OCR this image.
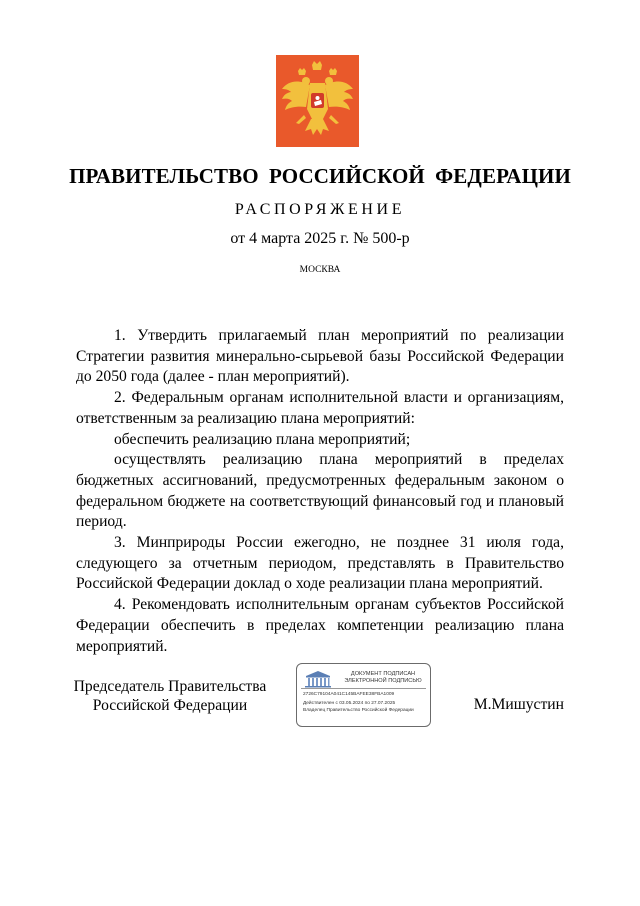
ПРАВИТЕЛЬСТВО РОССИЙСКОЙ ФЕДЕРАЦИИ
РАСПОРЯЖЕНИЕ
от 4 марта 2025 г. № 500-р
МОСКВА

1. Утвердить прилагаемый план мероприятий по реализации Стратегии развития минерально-сырьевой базы Российской Федерации до 2050 года (далее - план мероприятий).

2. Федеральным органам исполнительной власти и организациям, ответственным за реализацию плана мероприятий:

обеспечить реализацию плана мероприятий;

осуществлять реализацию плана мероприятий в пределах бюджетных ассигнований, предусмотренных федеральным законом о федеральном бюджете на соответствующий финансовый год и плановый период.

3. Минприроды России ежегодно, не позднее 31 июля года, следующего за отчетным периодом, представлять в Правительство Российской Федерации доклад о ходе реализации плана мероприятий.

4. Рекомендовать исполнительным органам субъектов Российской Федерации обеспечить в пределах компетенции реализацию плана мероприятий.

Председатель Правительства
Российской Федерации
ДОКУМЕНТ ПОДПИСАН
ЭЛЕКТРОННОЙ ПОДПИСЬЮ
2726C79104A041C145BAFEE38FBA1009
Действителен с 03.05.2024 по 27.07.2025
Владелец Правительство Российской Федерации	М.Мишустин
